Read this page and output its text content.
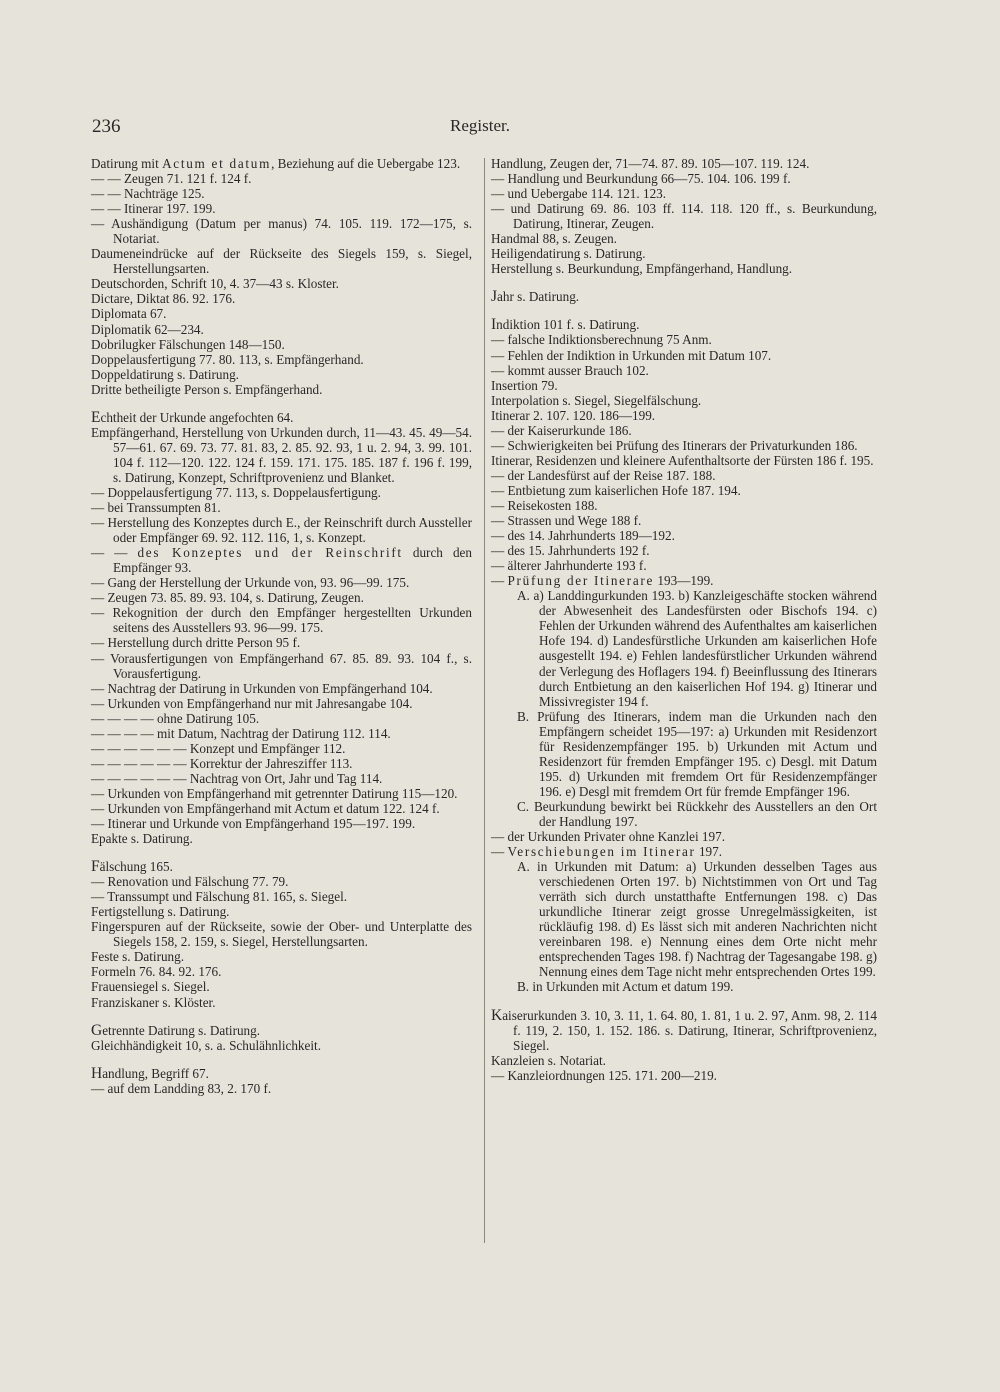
236	Register.
Datirung mit Actum et datum, Beziehung auf die Uebergabe 123.
— — Zeugen 71. 121 f. 124 f.
— — Nachträge 125.
— — Itinerar 197. 199.
— Aushändigung (Datum per manus) 74. 105. 119. 172—175, s. Notariat.
Daumeneindrücke auf der Rückseite des Siegels 159, s. Siegel, Herstellungsarten.
Deutschorden, Schrift 10, 4. 37—43 s. Kloster.
Dictare, Diktat 86. 92. 176.
Diplomata 67.
Diplomatik 62—234.
Dobrilugker Fälschungen 148—150.
Doppelausfertigung 77. 80. 113, s. Empfängerhand.
Doppeldatirung s. Datirung.
Dritte betheiligte Person s. Empfängerhand.
Echtheit der Urkunde angefochten 64.
Empfängerhand, Herstellung von Urkunden durch, 11—43. 45. 49—54. 57—61. 67. 69. 73. 77. 81. 83, 2. 85. 92. 93, 1 u. 2. 94, 3. 99. 101. 104 f. 112—120. 122. 124 f. 159. 171. 175. 185. 187 f. 196 f. 199, s. Datirung, Konzept, Schriftprovenienz und Blanket.
— Doppelausfertigung 77. 113, s. Doppelausfertigung.
— bei Transsumpten 81.
— Herstellung des Konzeptes durch E., der Reinschrift durch Aussteller oder Empfänger 69. 92. 112. 116, 1, s. Konzept.
— — des Konzeptes und der Reinschrift durch den Empfänger 93.
— Gang der Herstellung der Urkunde von, 93. 96—99. 175.
— Zeugen 73. 85. 89. 93. 104, s. Datirung, Zeugen.
— Rekognition der durch den Empfänger hergestellten Urkunden seitens des Ausstellers 93. 96—99. 175.
— Herstellung durch dritte Person 95 f.
— Vorausfertigungen von Empfängerhand 67. 85. 89. 93. 104 f., s. Vorausfertigung.
— Nachtrag der Datirung in Urkunden von Empfängerhand 104.
— Urkunden von Empfängerhand nur mit Jahresangabe 104.
— — — — ohne Datirung 105.
— — — — mit Datum, Nachtrag der Datirung 112. 114.
— — — — — — Konzept und Empfänger 112.
— — — — — — Korrektur der Jahresziffer 113.
— — — — — — Nachtrag von Ort, Jahr und Tag 114.
— Urkunden von Empfängerhand mit getrennter Datirung 115—120.
— Urkunden von Empfängerhand mit Actum et datum 122. 124 f.
— Itinerar und Urkunde von Empfängerhand 195—197. 199.
Epakte s. Datirung.
Fälschung 165.
— Renovation und Fälschung 77. 79.
— Transsumpt und Fälschung 81. 165, s. Siegel.
Fertigstellung s. Datirung.
Fingerspuren auf der Rückseite, sowie der Ober- und Unterplatte des Siegels 158, 2. 159, s. Siegel, Herstellungsarten.
Feste s. Datirung.
Formeln 76. 84. 92. 176.
Frauensiegel s. Siegel.
Franziskaner s. Klöster.
Getrennte Datirung s. Datirung.
Gleichhändigkeit 10, s. a. Schulähnlichkeit.
Handlung, Begriff 67.
— auf dem Landding 83, 2. 170 f.
Handlung, Zeugen der, 71—74. 87. 89. 105—107. 119. 124.
— Handlung und Beurkundung 66—75. 104. 106. 199 f.
— und Uebergabe 114. 121. 123.
— und Datirung 69. 86. 103 ff. 114. 118. 120 ff., s. Beurkundung, Datirung, Itinerar, Zeugen.
Handmal 88, s. Zeugen.
Heiligendatirung s. Datirung.
Herstellung s. Beurkundung, Empfängerhand, Handlung.
Jahr s. Datirung.
Indiktion 101 f. s. Datirung.
— falsche Indiktionsberechnung 75 Anm.
— Fehlen der Indiktion in Urkunden mit Datum 107.
— kommt ausser Brauch 102.
Insertion 79.
Interpolation s. Siegel, Siegelfälschung.
Itinerar 2. 107. 120. 186—199.
— der Kaiserurkunde 186.
— Schwierigkeiten bei Prüfung des Itinerars der Privaturkunden 186.
Itinerar, Residenzen und kleinere Aufenthaltsorte der Fürsten 186 f. 195.
— der Landesfürst auf der Reise 187. 188.
— Entbietung zum kaiserlichen Hofe 187. 194.
— Reisekosten 188.
— Strassen und Wege 188 f.
— des 14. Jahrhunderts 189—192.
— des 15. Jahrhunderts 192 f.
— älterer Jahrhunderte 193 f.
— Prüfung der Itinerare 193—199.
A. a) Landdingurkunden 193. b) Kanzleigeschäfte stocken während der Abwesenheit des Landesfürsten oder Bischofs 194. c) Fehlen der Urkunden während des Aufenthaltes am kaiserlichen Hofe 194. d) Landesfürstliche Urkunden am kaiserlichen Hofe ausgestellt 194. e) Fehlen landesfürstlicher Urkunden während der Verlegung des Hoflagers 194. f) Beeinflussung des Itinerars durch Entbietung an den kaiserlichen Hof 194. g) Itinerar und Missivregister 194 f.
B. Prüfung des Itinerars, indem man die Urkunden nach den Empfängern scheidet 195—197: a) Urkunden mit Residenzort für Residenzempfänger 195. b) Urkunden mit Actum und Residenzort für fremden Empfänger 195. c) Desgl. mit Datum 195. d) Urkunden mit fremdem Ort für Residenzempfänger 196. e) Desgl mit fremdem Ort für fremde Empfänger 196.
C. Beurkundung bewirkt bei Rückkehr des Ausstellers an den Ort der Handlung 197.
— der Urkunden Privater ohne Kanzlei 197.
— Verschiebungen im Itinerar 197.
A. in Urkunden mit Datum: a) Urkunden desselben Tages aus verschiedenen Orten 197. b) Nichtstimmen von Ort und Tag verräth sich durch unstatthafte Entfernungen 198. c) Das urkundliche Itinerar zeigt grosse Unregelmässigkeiten, ist rückläufig 198. d) Es lässt sich mit anderen Nachrichten nicht vereinbaren 198. e) Nennung eines dem Orte nicht mehr entsprechenden Tages 198. f) Nachtrag der Tagesangabe 198. g) Nennung eines dem Tage nicht mehr entsprechenden Ortes 199.
B. in Urkunden mit Actum et datum 199.
Kaiserurkunden 3. 10, 3. 11, 1. 64. 80, 1. 81, 1 u. 2. 97, Anm. 98, 2. 114 f. 119, 2. 150, 1. 152. 186. s. Datirung, Itinerar, Schriftprovenienz, Siegel.
Kanzleien s. Notariat.
— Kanzleiordnungen 125. 171. 200—219.
